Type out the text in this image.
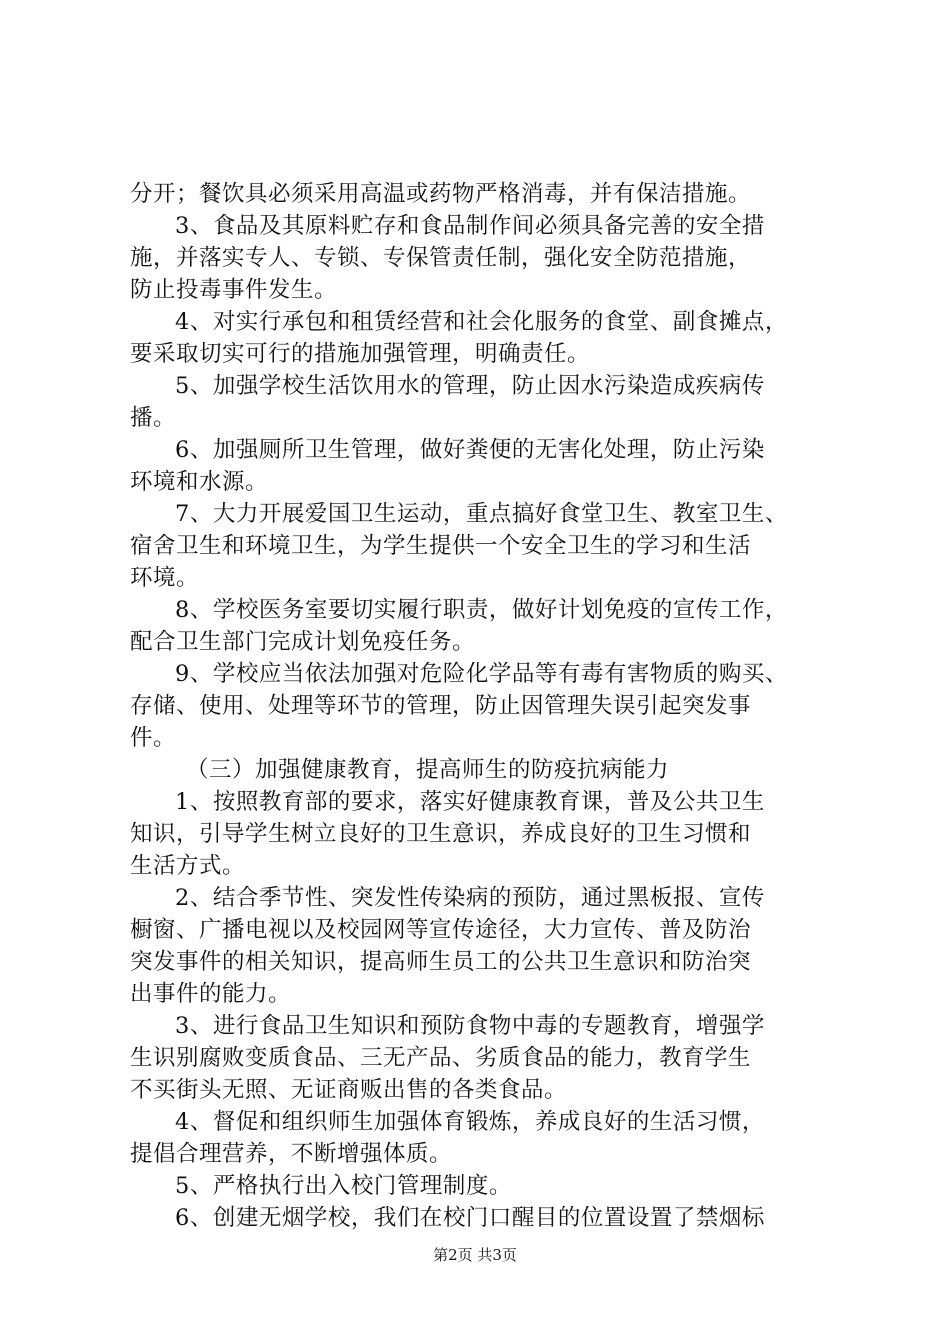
分开；餐饮具必须采用高温或药物严格消毒，并有保洁措施。
3、食品及其原料贮存和食品制作间必须具备完善的安全措
施，并落实专人、专锁、专保管责任制，强化安全防范措施，
防止投毒事件发生。
4、对实行承包和租赁经营和社会化服务的食堂、副食摊点，
要采取切实可行的措施加强管理，明确责任。
5、加强学校生活饮用水的管理，防止因水污染造成疾病传
播。
6、加强厕所卫生管理，做好粪便的无害化处理，防止污染
环境和水源。
7、大力开展爱国卫生运动，重点搞好食堂卫生、教室卫生、
宿舍卫生和环境卫生，为学生提供一个安全卫生的学习和生活
环境。
8、学校医务室要切实履行职责，做好计划免疫的宣传工作，
配合卫生部门完成计划免疫任务。
9、学校应当依法加强对危险化学品等有毒有害物质的购买、
存储、使用、处理等环节的管理，防止因管理失误引起突发事
件。
（三）加强健康教育，提高师生的防疫抗病能力
1、按照教育部的要求，落实好健康教育课，普及公共卫生
知识，引导学生树立良好的卫生意识，养成良好的卫生习惯和
生活方式。
2、结合季节性、突发性传染病的预防，通过黑板报、宣传
橱窗、广播电视以及校园网等宣传途径，大力宣传、普及防治
突发事件的相关知识，提高师生员工的公共卫生意识和防治突
出事件的能力。
3、进行食品卫生知识和预防食物中毒的专题教育，增强学
生识别腐败变质食品、三无产品、劣质食品的能力，教育学生
不买街头无照、无证商贩出售的各类食品。
4、督促和组织师生加强体育锻炼，养成良好的生活习惯，
提倡合理营养，不断增强体质。
5、严格执行出入校门管理制度。
6、创建无烟学校，我们在校门口醒目的位置设置了禁烟标
第2页 共3页
